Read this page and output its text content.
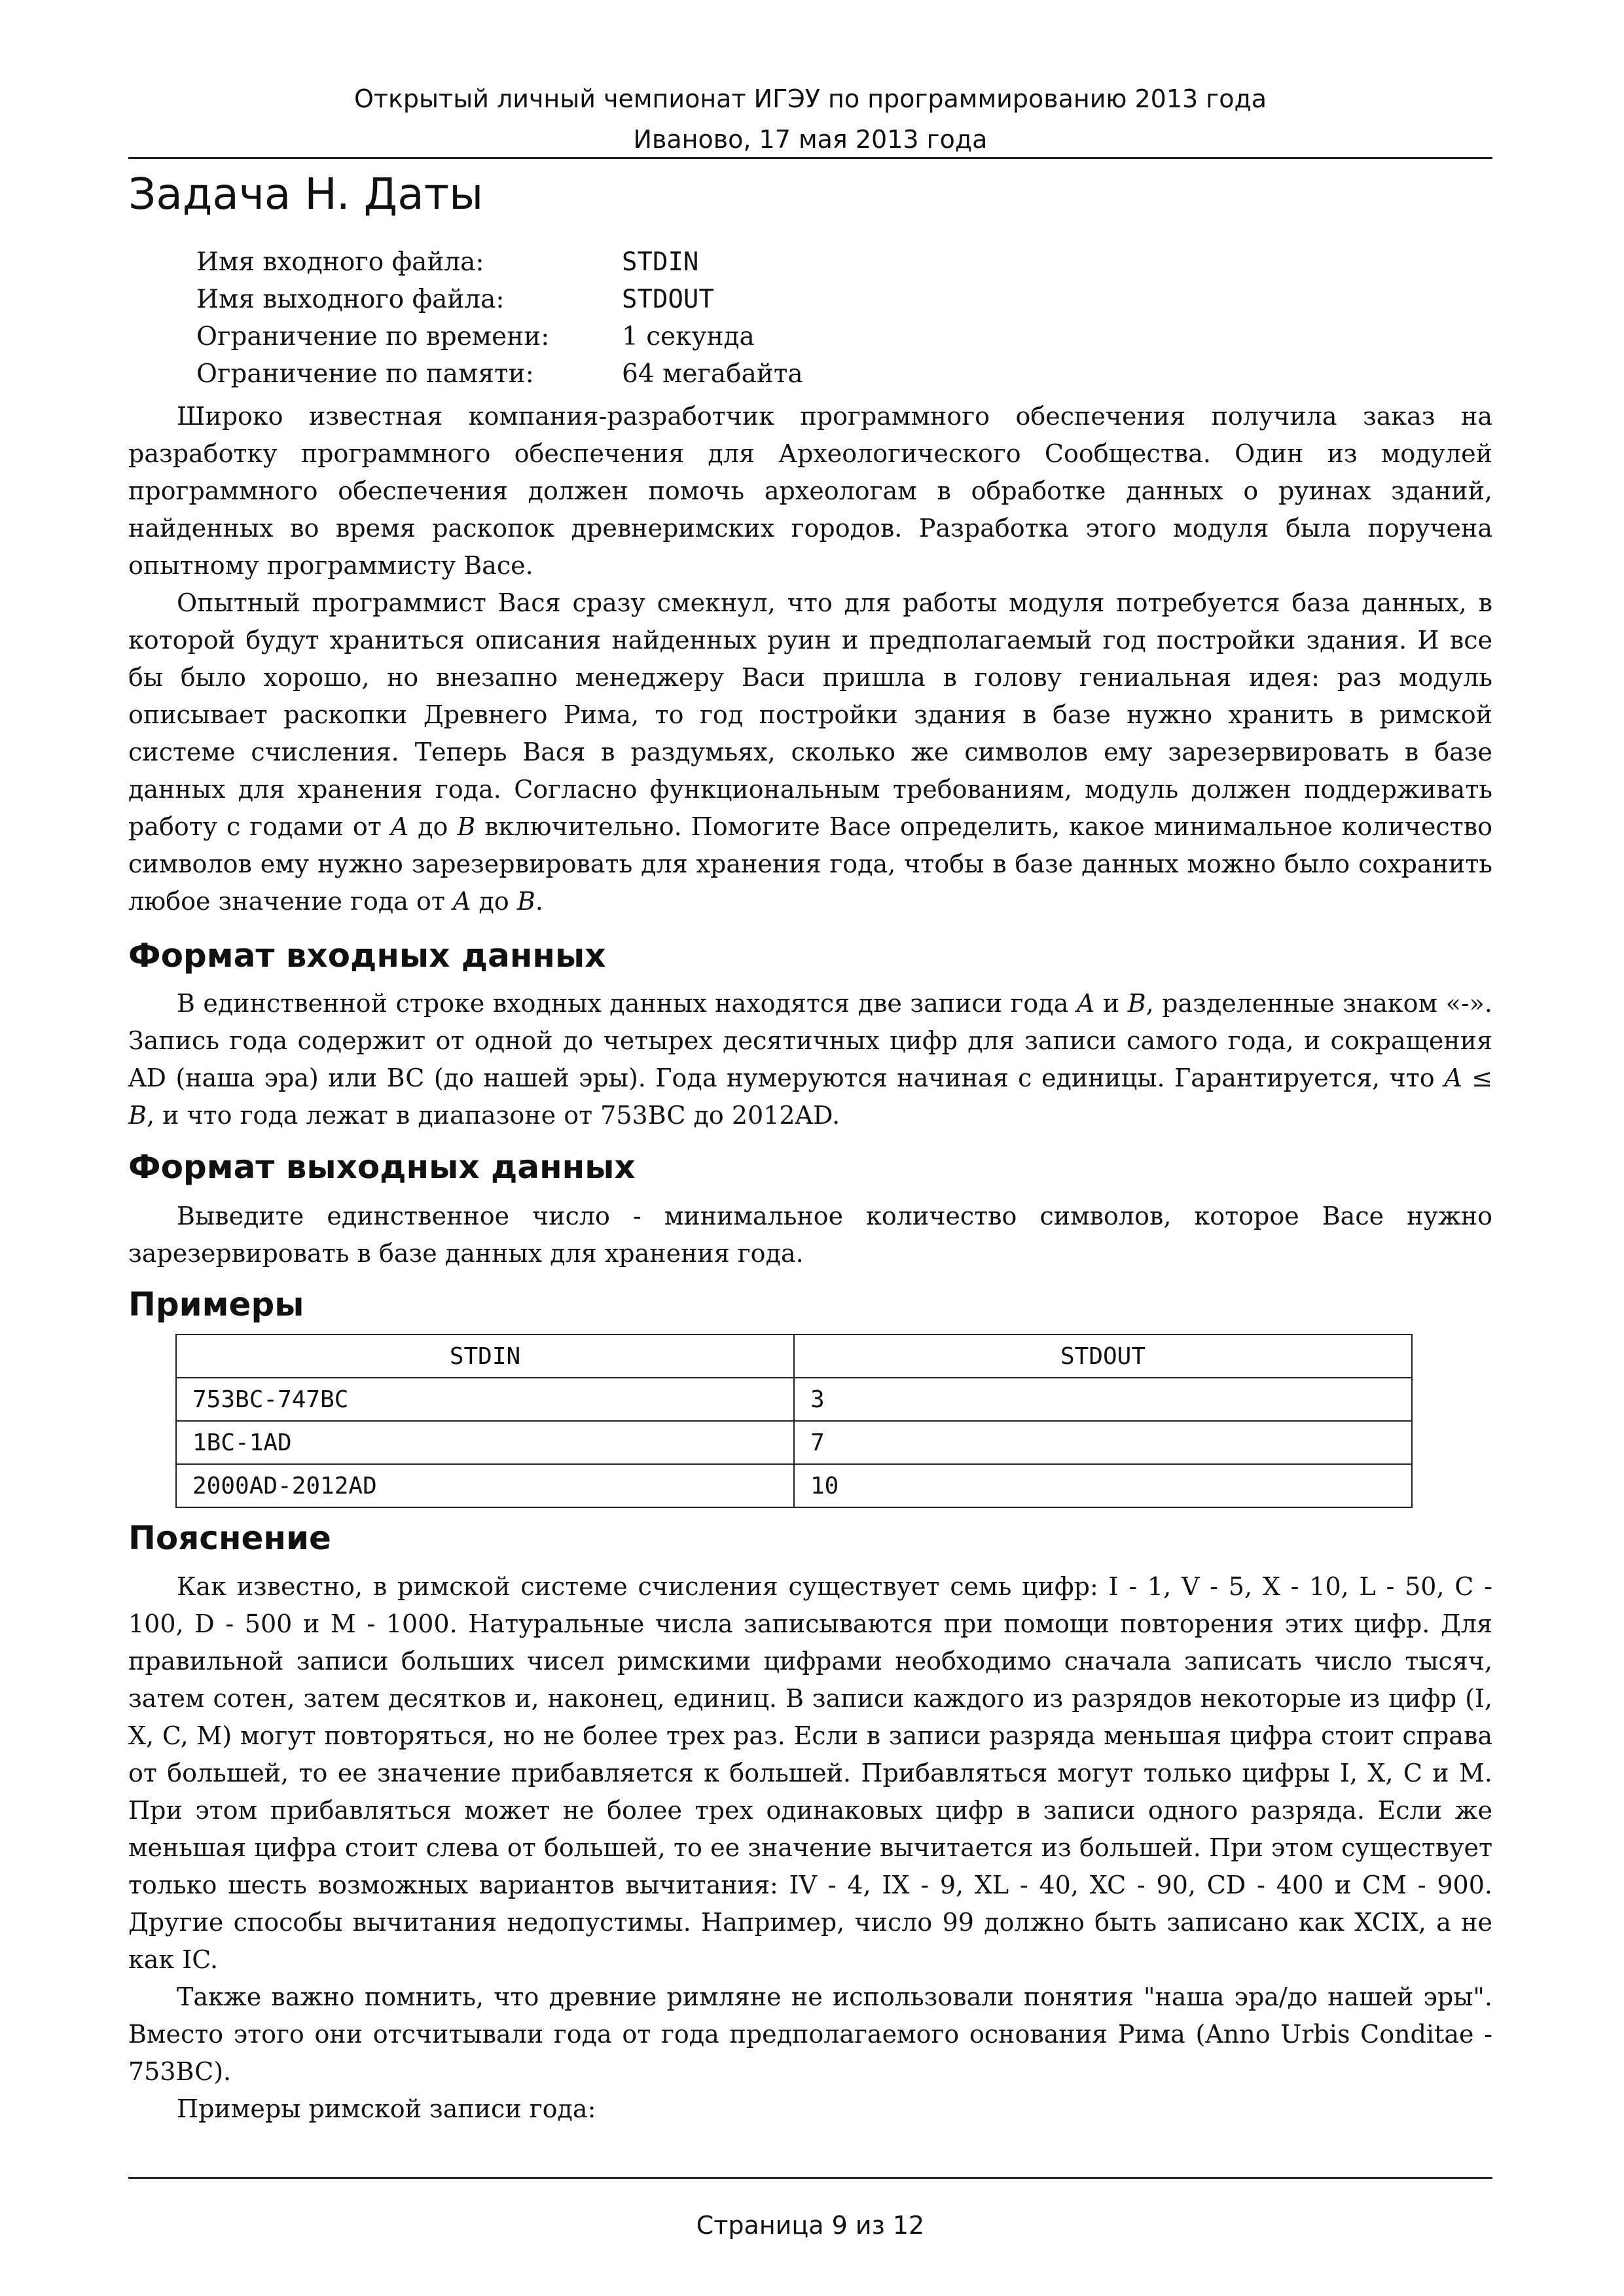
Открытый личный чемпионат ИГЭУ по программированию 2013 года
Иваново, 17 мая 2013 года
Задача H. Даты
Имя входного файла:	STDIN
Имя выходного файла:	STDOUT
Ограничение по времени:	1 секунда
Ограничение по памяти:	64 мегабайта

Широко известная компания-разработчик программного обеспечения получила заказ на разработку программного обеспечения для Археологического Сообщества. Один из модулей программного обеспечения должен помочь археологам в обработке данных о руинах зданий, найденных во время раскопок древнеримских городов. Разработка этого модуля была поручена опытному программисту Васе.

Опытный программист Вася сразу смекнул, что для работы модуля потребуется база данных, в которой будут храниться описания найденных руин и предполагаемый год постройки здания. И все бы было хорошо, но внезапно менеджеру Васи пришла в голову гениальная идея: раз модуль описывает раскопки Древнего Рима, то год постройки здания в базе нужно хранить в римской системе счисления. Теперь Вася в раздумьях, сколько же символов ему зарезервировать в базе данных для хранения года. Согласно функциональным требованиям, модуль должен поддерживать работу с годами от A до B включительно. Помогите Васе определить, какое минимальное количество символов ему нужно зарезервировать для хранения года, чтобы в базе данных можно было сохранить любое значение года от A до B.

Формат входных данных

В единственной строке входных данных находятся две записи года A и B, разделенные знаком «-». Запись года содержит от одной до четырех десятичных цифр для записи самого года, и сокращения AD (наша эра) или BC (до нашей эры). Года нумеруются начиная с единицы. Гарантируется, что A ≤ B, и что года лежат в диапазоне от 753BC до 2012AD.

Формат выходных данных

Выведите единственное число - минимальное количество символов, которое Васе нужно зарезервировать в базе данных для хранения года.

Примеры
STDIN	STDOUT
753BC-747BC	3
1BC-1AD	7
2000AD-2012AD	10
Пояснение

Как известно, в римской системе счисления существует семь цифр: I - 1, V - 5, X - 10, L - 50, C - 100, D - 500 и M - 1000. Натуральные числа записываются при помощи повторения этих цифр. Для правильной записи больших чисел римскими цифрами необходимо сначала записать число тысяч, затем сотен, затем десятков и, наконец, единиц. В записи каждого из разрядов некоторые из цифр (I, X, C, M) могут повторяться, но не более трех раз. Если в записи разряда меньшая цифра стоит справа от большей, то ее значение прибавляется к большей. Прибавляться могут только цифры I, X, C и M. При этом прибавляться может не более трех одинаковых цифр в записи одного разряда. Если же меньшая цифра стоит слева от большей, то ее значение вычитается из большей. При этом существует только шесть возможных вариантов вычитания: IV - 4, IX - 9, XL - 40, XC - 90, CD - 400 и CM - 900. Другие способы вычитания недопустимы. Например, число 99 должно быть записано как XCIX, а не как IC.

Также важно помнить, что древние римляне не использовали понятия "наша эра/до нашей эры". Вместо этого они отсчитывали года от года предполагаемого основания Рима (Anno Urbis Conditae - 753BC).

Примеры римской записи года:

Страница 9 из 12
